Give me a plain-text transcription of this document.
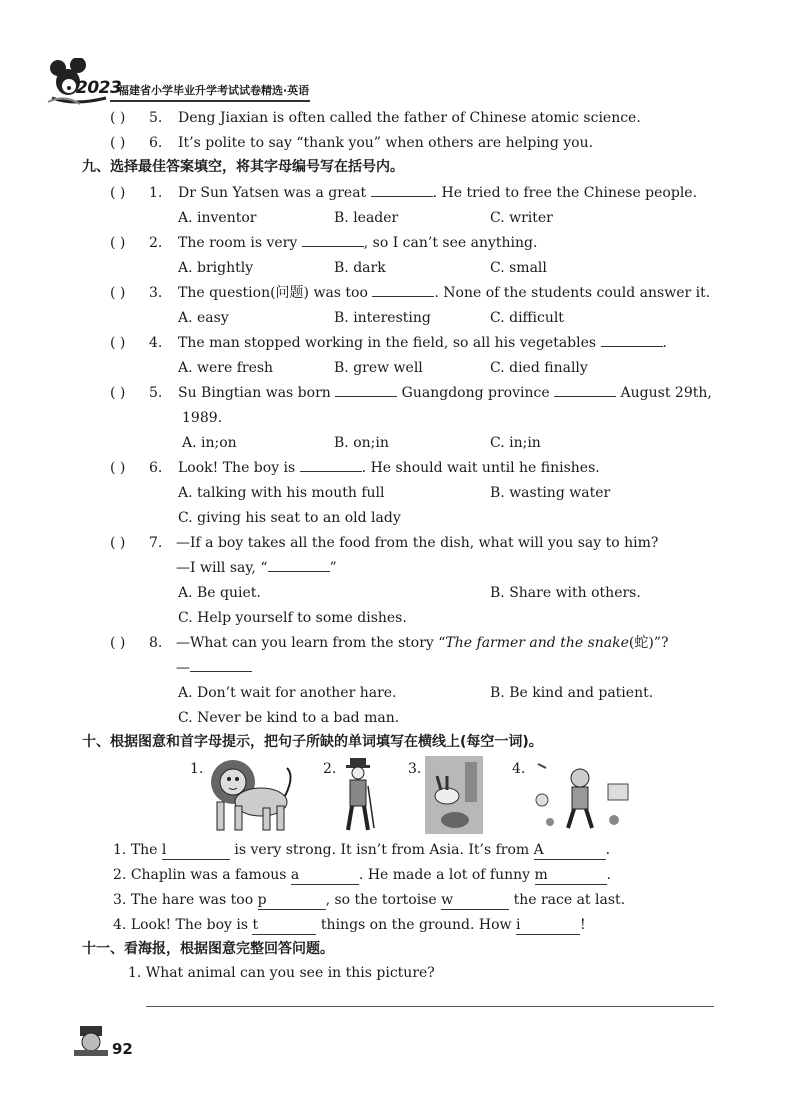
2023
福建省小学毕业升学考试试卷精选·英语
( ) 5. Deng Jiaxian is often called the father of Chinese atomic science.
( ) 6. It’s polite to say “thank you” when others are helping you.
九、选择最佳答案填空，将其字母编号写在括号内。
( ) 1. Dr Sun Yatsen was a great	. He tried to free the Chinese people.
A. inventor	B. leader	C. writer
( ) 2. The room is very	, so I can’t see anything.
A. brightly	B. dark	C. small
( ) 3. The question(问题) was too	. None of the students could answer it.
A. easy	B. interesting	C. difficult
( ) 4. The man stopped working in the field, so all his vegetables	.
A. were fresh	B. grew well	C. died finally
( ) 5. Su Bingtian was born	Guangdong province	August 29th,
1989.
A. in;on	B. on;in	C. in;in
( ) 6. Look! The boy is	. He should wait until he finishes.
A. talking with his mouth full	B. wasting water
C. giving his seat to an old lady
( ) 7. —If a boy takes all the food from the dish, what will you say to him?
—I will say, “	”
A. Be quiet.	B. Share with others.
C. Help yourself to some dishes.
( ) 8. —What can you learn from the story “The farmer and the snake(蛇)”?
—
A. Don’t wait for another hare.	B. Be kind and patient.
C. Never be kind to a bad man.
十、根据图意和首字母提示，把句子所缺的单词填写在横线上(每空一词)。
1.	2.	3.	4.
1. The l	is very strong. It isn’t from Asia. It’s from A	.
2. Chaplin was a famous a	. He made a lot of funny m	.
3. The hare was too p	, so the tortoise w	the race at last.
4. Look! The boy is t	things on the ground. How i	!
十一、看海报，根据图意完整回答问题。
1. What animal can you see in this picture?
92
